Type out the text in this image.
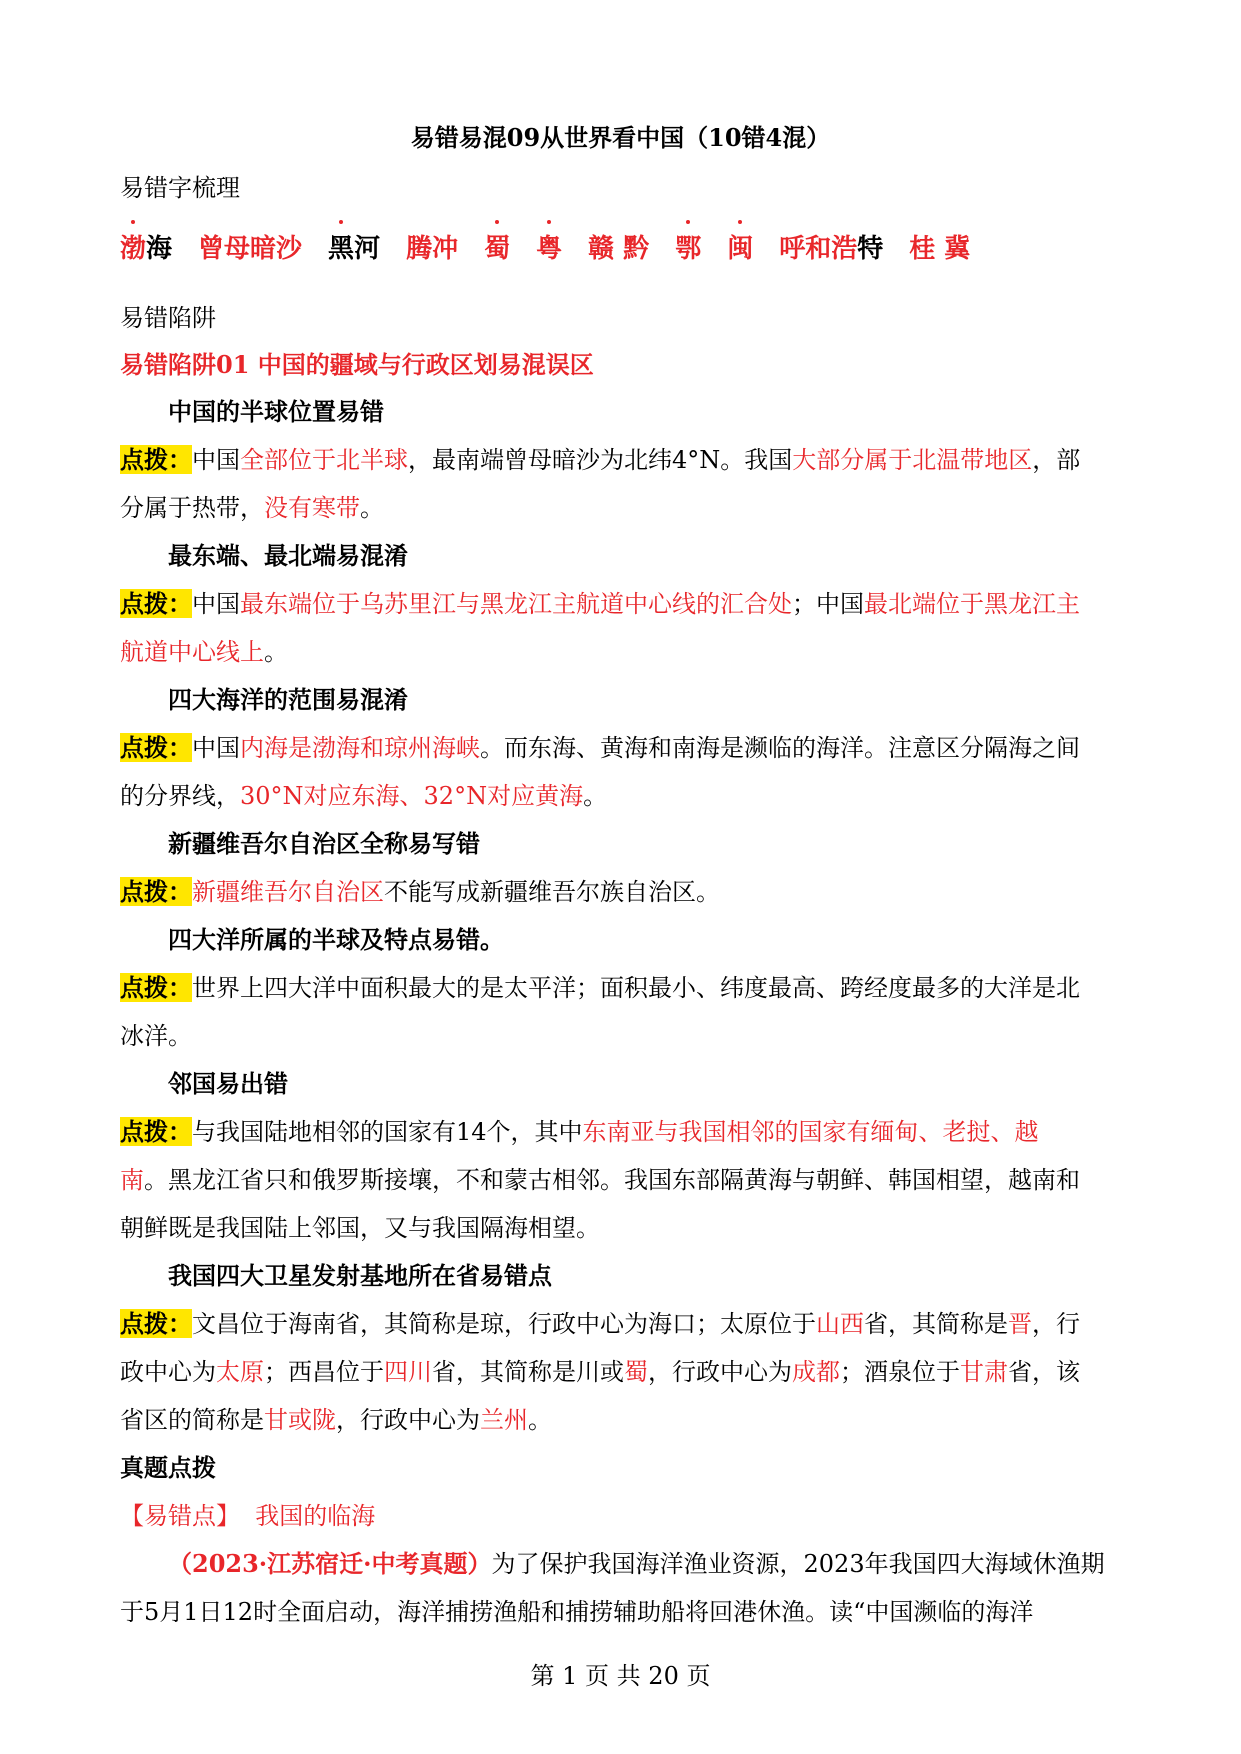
易错易混09从世界看中国（10错4混）
易错字梳理
渤海 曾母暗沙 黑河 腾冲 蜀 粤 赣 黔 鄂 闽 呼和浩特 桂 冀
易错陷阱
易错陷阱01 中国的疆域与行政区划易混误区
中国的半球位置易错
点拨：中国全部位于北半球，最南端曾母暗沙为北纬4°N。我国大部分属于北温带地区，部
分属于热带，没有寒带。
最东端、最北端易混淆
点拨：中国最东端位于乌苏里江与黑龙江主航道中心线的汇合处；中国最北端位于黑龙江主
航道中心线上。
四大海洋的范围易混淆
点拨：中国内海是渤海和琼州海峡。而东海、黄海和南海是濒临的海洋。注意区分隔海之间
的分界线，30°N对应东海、32°N对应黄海。
新疆维吾尔自治区全称易写错
点拨：新疆维吾尔自治区不能写成新疆维吾尔族自治区。
四大洋所属的半球及特点易错。
点拨：世界上四大洋中面积最大的是太平洋；面积最小、纬度最高、跨经度最多的大洋是北
冰洋。
邻国易出错
点拨：与我国陆地相邻的国家有14个，其中东南亚与我国相邻的国家有缅甸、老挝、越
南。黑龙江省只和俄罗斯接壤，不和蒙古相邻。我国东部隔黄海与朝鲜、韩国相望，越南和
朝鲜既是我国陆上邻国，又与我国隔海相望。
我国四大卫星发射基地所在省易错点
点拨：文昌位于海南省，其简称是琼，行政中心为海口；太原位于山西省，其简称是晋，行
政中心为太原；西昌位于四川省，其简称是川或蜀，行政中心为成都；酒泉位于甘肃省，该
省区的简称是甘或陇，行政中心为兰州。
真题点拨
【易错点】 我国的临海
（2023·江苏宿迁·中考真题）为了保护我国海洋渔业资源，2023年我国四大海域休渔期
于5月1日12时全面启动，海洋捕捞渔船和捕捞辅助船将回港休渔。读“中国濒临的海洋
第 1 页 共 20 页
